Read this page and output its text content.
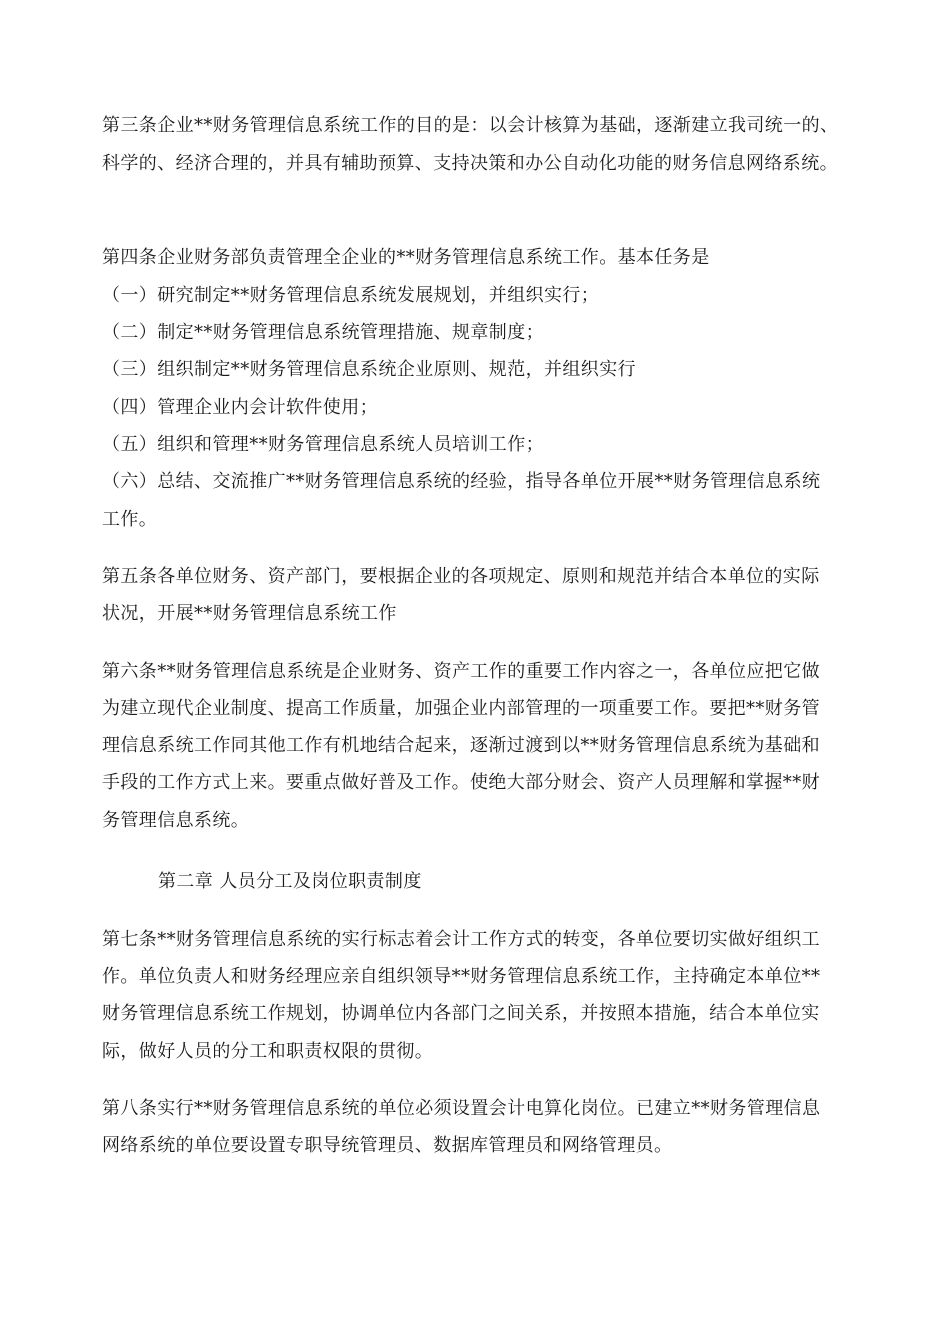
第三条企业**财务管理信息系统工作的目的是：以会计核算为基础，逐渐建立我司统一的、
科学的、经济合理的，并具有辅助预算、支持决策和办公自动化功能的财务信息网络系统。
第四条企业财务部负责管理全企业的**财务管理信息系统工作。基本任务是
（一）研究制定**财务管理信息系统发展规划，并组织实行；
（二）制定**财务管理信息系统管理措施、规章制度；
（三）组织制定**财务管理信息系统企业原则、规范，并组织实行
（四）管理企业内会计软件使用；
（五）组织和管理**财务管理信息系统人员培训工作；
（六）总结、交流推广**财务管理信息系统的经验，指导各单位开展**财务管理信息系统
工作。
第五条各单位财务、资产部门，要根据企业的各项规定、原则和规范并结合本单位的实际
状况，开展**财务管理信息系统工作
第六条**财务管理信息系统是企业财务、资产工作的重要工作内容之一，各单位应把它做
为建立现代企业制度、提高工作质量，加强企业内部管理的一项重要工作。要把**财务管
理信息系统工作同其他工作有机地结合起来，逐渐过渡到以**财务管理信息系统为基础和
手段的工作方式上来。要重点做好普及工作。使绝大部分财会、资产人员理解和掌握**财
务管理信息系统。
第二章 人员分工及岗位职责制度
第七条**财务管理信息系统的实行标志着会计工作方式的转变，各单位要切实做好组织工
作。单位负责人和财务经理应亲自组织领导**财务管理信息系统工作，主持确定本单位**
财务管理信息系统工作规划，协调单位内各部门之间关系，并按照本措施，结合本单位实
际，做好人员的分工和职责权限的贯彻。
第八条实行**财务管理信息系统的单位必须设置会计电算化岗位。已建立**财务管理信息
网络系统的单位要设置专职导统管理员、数据库管理员和网络管理员。
